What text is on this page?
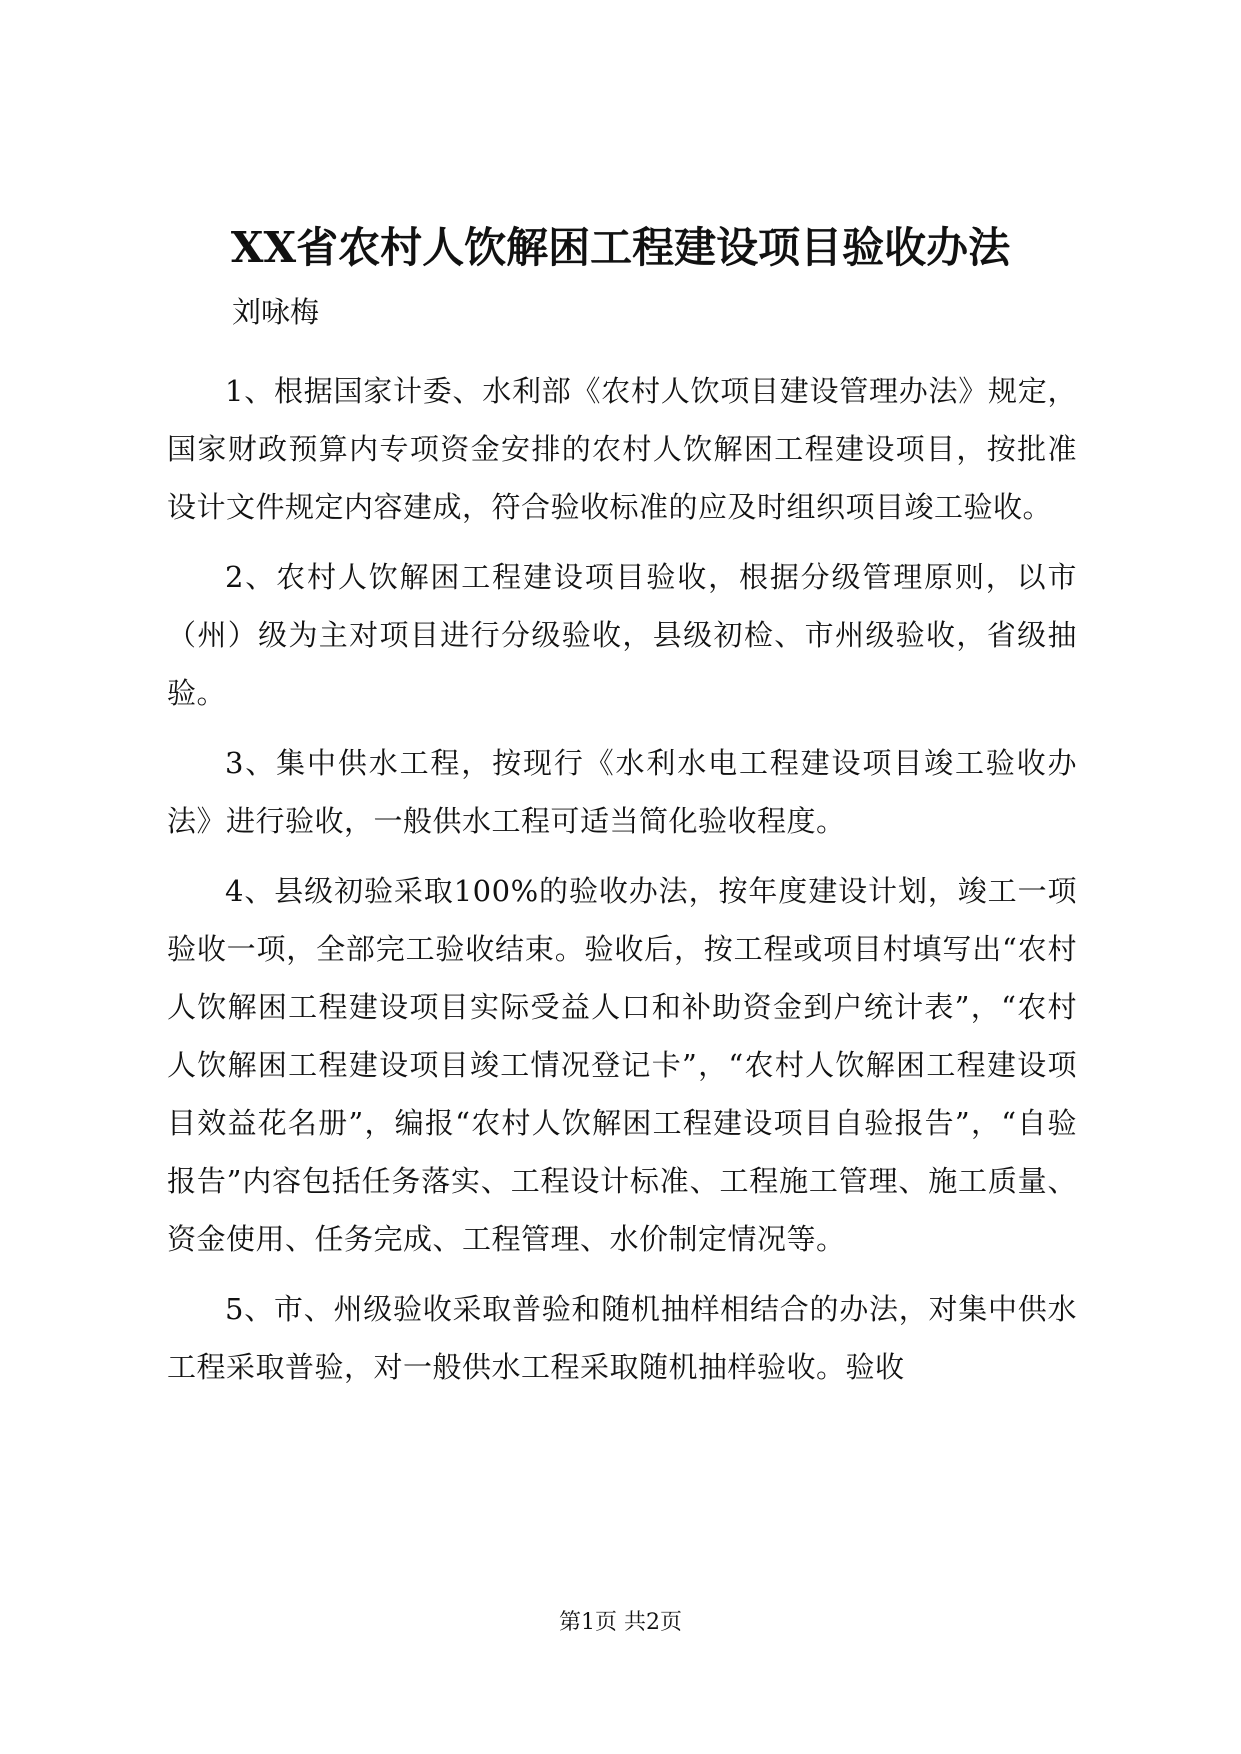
XX省农村人饮解困工程建设项目验收办法

刘咏梅

1、根据国家计委、水利部《农村人饮项目建设管理办法》规定，国家财政预算内专项资金安排的农村人饮解困工程建设项目，按批准设计文件规定内容建成，符合验收标准的应及时组织项目竣工验收。

2、农村人饮解困工程建设项目验收，根据分级管理原则，以市（州）级为主对项目进行分级验收，县级初检、市州级验收，省级抽验。

3、集中供水工程，按现行《水利水电工程建设项目竣工验收办法》进行验收，一般供水工程可适当简化验收程度。

4、县级初验采取100%的验收办法，按年度建设计划，竣工一项验收一项，全部完工验收结束。验收后，按工程或项目村填写出“农村人饮解困工程建设项目实际受益人口和补助资金到户统计表”，“农村人饮解困工程建设项目竣工情况登记卡”，“农村人饮解困工程建设项目效益花名册”，编报“农村人饮解困工程建设项目自验报告”，“自验报告”内容包括任务落实、工程设计标准、工程施工管理、施工质量、资金使用、任务完成、工程管理、水价制定情况等。

5、市、州级验收采取普验和随机抽样相结合的办法，对集中供水工程采取普验，对一般供水工程采取随机抽样验收。验收

第1页 共2页
